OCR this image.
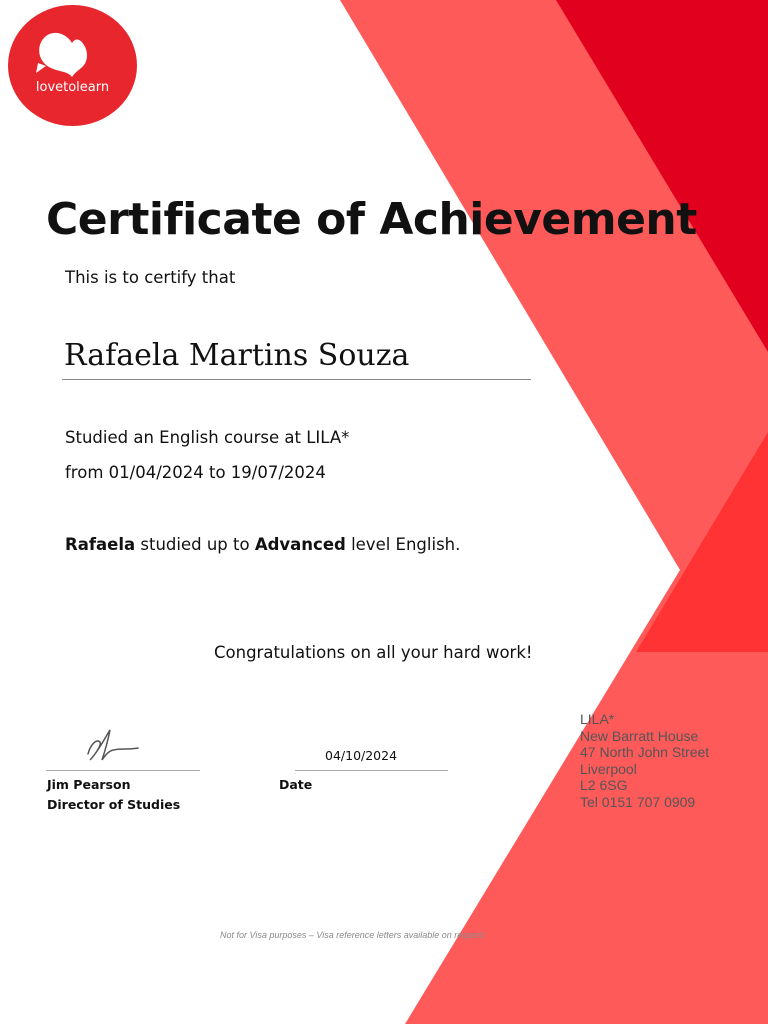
*
lovetolearn
Certificate of Achievement
This is to certify that
Rafaela Martins Souza
Studied an English course at LILA*
from 01/04/2024 to 19/07/2024
Rafaela studied up to Advanced level English.
Congratulations on all your hard work!
Jim Pearson
Director of Studies
04/10/2024
Date
LILA*
New Barratt House
47 North John Street
Liverpool
L2 6SG
Tel 0151 707 0909
Not for Visa purposes – Visa reference letters available on request
